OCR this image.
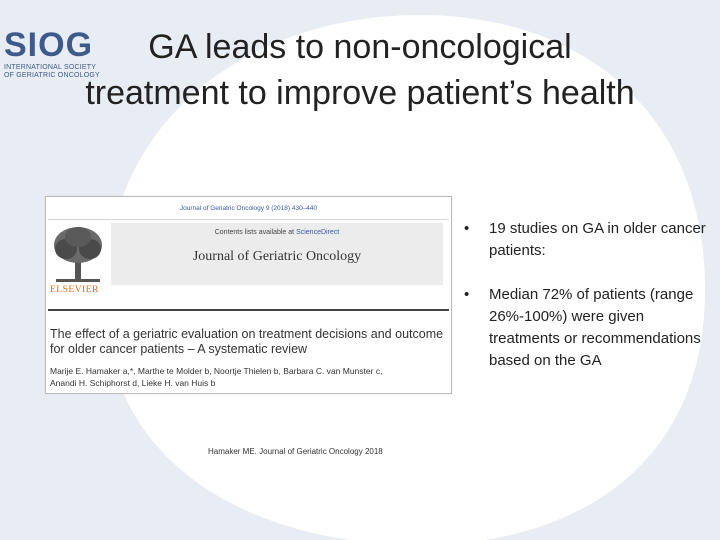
SIOG
INTERNATIONAL SOCIETY
OF GERIATRIC ONCOLOGY
GA leads to non-oncological
treatment to improve patient’s health
Journal of Geriatric Oncology 9 (2018) 430–440
ELSEVIER
Contents lists available at ScienceDirect
Journal of Geriatric Oncology
The effect of a geriatric evaluation on treatment decisions and outcome for older cancer patients – A systematic review
Marije E. Hamaker a,*, Marthe te Molder b, Noortje Thielen b, Barbara C. van Munster c,
Anandi H. Schiphorst d, Lieke H. van Huis b
Hamaker ME. Journal of Geriatric Oncology 2018
• 19 studies on GA in older cancer patients:
• Median 72% of patients (range 26%-100%) were given treatments or recommendations based on the GA
